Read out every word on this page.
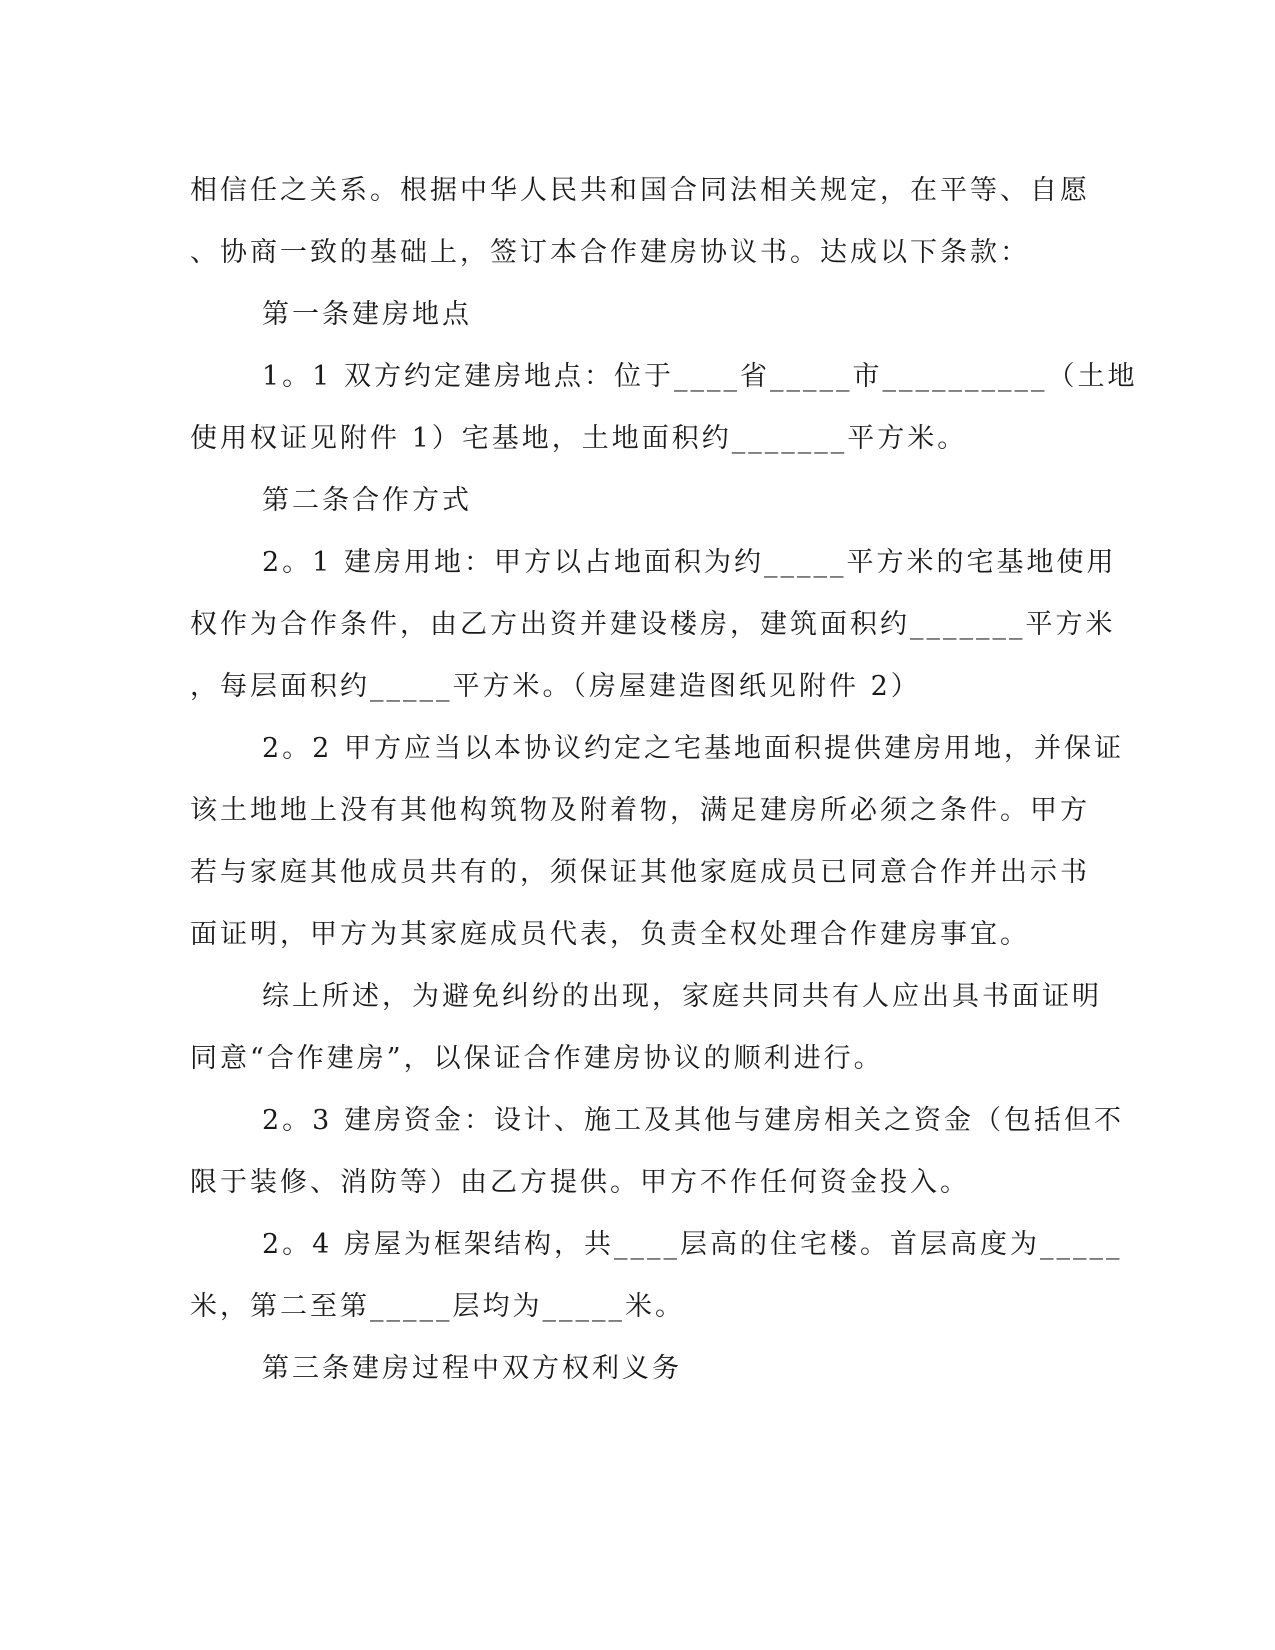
相信任之关系。根据中华人民共和国合同法相关规定，在平等、自愿
、协商一致的基础上，签订本合作建房协议书。达成以下条款：
第一条建房地点
1。1 双方约定建房地点：位于____省_____市__________（土地
使用权证见附件 1）宅基地，土地面积约_______平方米。
第二条合作方式
2。1 建房用地：甲方以占地面积为约_____平方米的宅基地使用
权作为合作条件，由乙方出资并建设楼房，建筑面积约_______平方米
，每层面积约_____平方米。（房屋建造图纸见附件 2）
2。2 甲方应当以本协议约定之宅基地面积提供建房用地，并保证
该土地地上没有其他构筑物及附着物，满足建房所必须之条件。甲方
若与家庭其他成员共有的，须保证其他家庭成员已同意合作并出示书
面证明，甲方为其家庭成员代表，负责全权处理合作建房事宜。
综上所述，为避免纠纷的出现，家庭共同共有人应出具书面证明
同意“合作建房”，以保证合作建房协议的顺利进行。
2。3 建房资金：设计、施工及其他与建房相关之资金（包括但不
限于装修、消防等）由乙方提供。甲方不作任何资金投入。
2。4 房屋为框架结构，共____层高的住宅楼。首层高度为_____
米，第二至第_____层均为_____米。
第三条建房过程中双方权利义务
